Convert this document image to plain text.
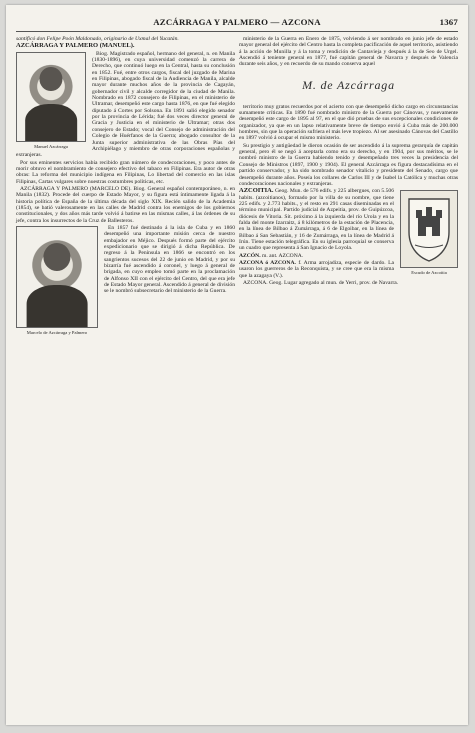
AZCÁRRAGA Y PALMERO — AZCONA	1367

santificó don Felipe Poón Maldonado, originario de Uxmal del Yucatán.

AZCÁRRAGA Y PALMERO (MANUEL).

Manuel Azcárraga

Biog. Magistrado español, hermano del general, n. en Manila (1830-1896), en cuya universidad comenzó la carrera de Derecho, que continuó luego en la Central, hasta su conclusión en 1852. Fué, entre otros cargos, fiscal del juzgado de Marina en Filipinas, abogado fiscal de la Audiencia de Manila, alcalde mayor durante muchos años de la provincia de Cagayán, gobernador civil y alcalde corregidor de la ciudad de Manila. Nombrado en 1872 consejero de Filipinas, en el ministerio de Ultramar, desempeñó este cargo hasta 1876, en que fué elegido diputado á Cortes por Solsona. En 1891 salió elegido senador por la provincia de Lérida; fué dos veces director general de Gracia y Justicia en el ministerio de Ultramar; otras dos consejero de Estado; vocal del Consejo de administración del Colegio de Huérfanos de la Guerra; abogado consultor de la Junta superior administrativa de las Obras Pías del Archipiélago y miembro de otras corporaciones españolas y extranjeras.

Por sus eminentes servicios había recibido gran número de condecoraciones, y poco antes de morir obtuvo el nombramiento de consejero efectivo del tabaco en Filipinas. Era autor de otras obras: La reforma del municipio indígena en Filipinas, Lo libertad del comercio en las islas Filipinas, Cartas vulgares sobre nuestras costumbres políticas, etc.

AZCÁRRAGA Y PALMERO (MARCELO DE). Biog. General español contemporáneo, n. en Manila (1832). Procede del cuerpo de Estado Mayor, y su figura está íntimamente ligada á la historia política de España de la última década del siglo XIX. Recién salido de la Academia (1854), se batió valerosamente en las calles de Madrid contra los enemigos de los gobiernos constitucionales, y dos años más tarde volvió á batirse en las mismas calles, á las órdenes de su jefe, contra los insurrectos de la Cruz de Ballesteros.

Marcelo de Azcárraga y Palmero

En 1857 fué destinado á la isla de Cuba y en 1860 desempeñó una importante misión cerca de nuestro embajador en Méjico. Después formó parte del ejército expedicionario que se dirigió á dicha República. De regreso á la Península en 1866 se encontró en los sangrientos sucesos del 22 de junio en Madrid, y por su bizarría fué ascendido á coronel, y luego á general de brigada, en cuyo empleo tomó parte en la proclamación de Alfonso XII con el ejército del Centro, del que era jefe de Estado Mayor general. Ascendido á general de división se le nombró subsecretario del ministerio de la Guerra.

ministerio de la Guerra en Enero de 1875, volviendo á ser nombrado en junio jefe de estado mayor general del ejército del Centro hasta la completa pacificación de aquel territorio, asistiendo á la acción de Munilla y á la toma y rendición de Cantavieja y después á la de Seo de Urgel. Ascendió á teniente general en 1877, fué capitán general de Navarra y después de Valencia durante seis años, y en recuerdo de su mando conserva aquel

M. de Azcárraga

territorio muy gratos recuerdos por el acierto con que desempeñó dicho cargo en circunstancias sumamente críticas. En 1890 fué nombrado ministro de la Guerra por Cánovas, y nuevamente desempeñó este cargo de 1895 al 97, en el que dió pruebas de sus excepcionales condiciones de organizador, ya que en un lapso relativamente breve de tiempo envió á Cuba más de 200.000 hombres, sin que la operación sufriera el más leve tropiezo. Al ser asesinado Cánovas del Castillo en 1897 volvió á ocupar el mismo ministerio.

Su prestigio y antigüedad le dieron ocasión de ser ascendido á la suprema gerarquía de capitán general, pero él se negó á aceptarla como era su derecho, y en 1904, por sus méritos, se le nombró ministro de la Guerra habiendo tenido y desempeñado tres veces la presidencia del Consejo de Ministros (1897, 1900 y 1904). El general Azcárraga es figura destacadísima en el partido conservador, y ha sido nombrado senador vitalicio y presidente del Senado, cargo que desempeñó durante años. Poseía los collares de Carlos III y de Isabel la Católica y muchas otras condecoraciones nacionales y extranjeras.

Escudo de Azcoitia

AZCOITIA. Geog. Mun. de 576 edifs. y 225 albergues, con 5.506 habits. (azcoitianos), formado por la villa de su nombre, que tiene 225 edifs. y 2.773 habits., y el resto en 291 casas diseminadas en el término municipal. Partido judicial de Azpeitia, prov. de Guipúzcoa, diócesis de Vitoria. Sit. próximo á la izquierda del río Urola y en la falda del monte Izarraitz, á 8 kilómetros de la estación de Placencia, en la línea de Bilbao á Zumárraga, á 6 de Elgoibar, en la línea de Bilbao á San Sebastián, y 16 de Zumárraga, en la línea de Madrid á Irún. Tiene estación telegráfica. En su iglesia parroquial se conserva un cuadro que representa á San Ignacio de Loyola.

AZCÓN. m. ant. AZCONA.

AZCONA ó AZCONA. f. Arma arrojadiza, especie de dardo. La usaron los guerreros de la Reconquista, y se cree que era la misma que la azagaya (V.).

AZCONA. Geog. Lugar agregado al mun. de Yerri, prov. de Navarra.
